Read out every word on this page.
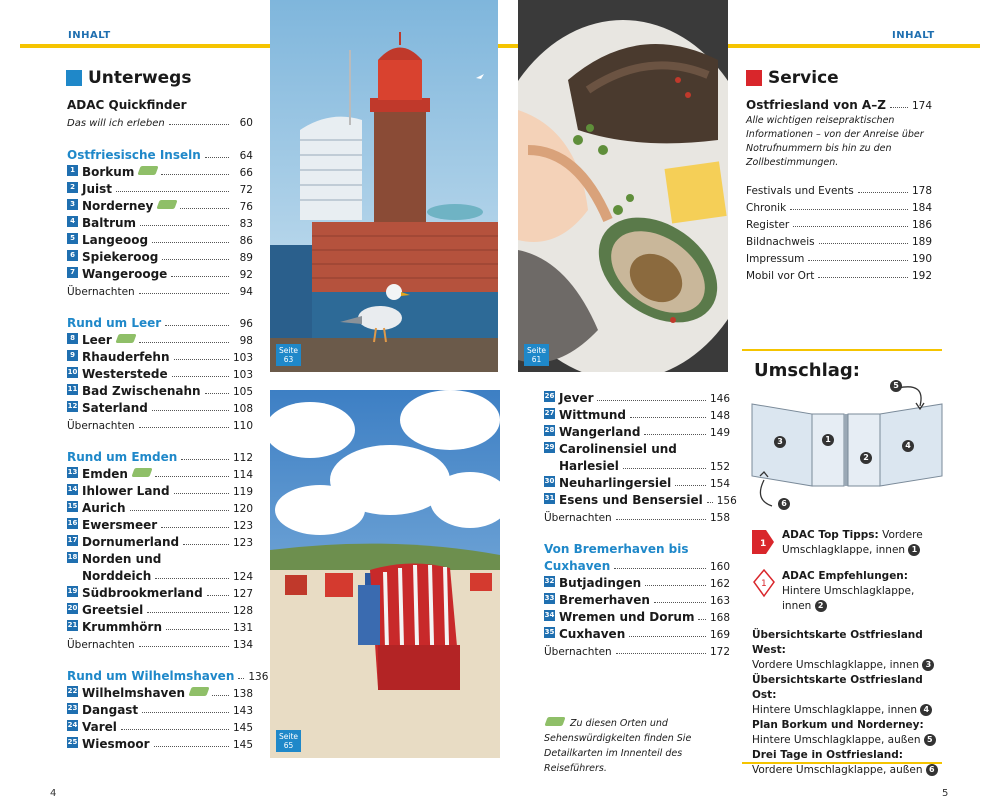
INHALT	INHALT
Seite
63
Seite
61
Seite
65
Unterwegs
ADAC Quickfinder
Das will ich erleben	60
Ostfriesische Inseln	64
1 Borkum	66
2 Juist	72
3 Norderney	76
4 Baltrum	83
5 Langeoog	86
6 Spiekeroog	89
7 Wangerooge	92
Übernachten	94
Rund um Leer	96
8 Leer	98
9 Rhauderfehn	103
10 Westerstede	103
11 Bad Zwischenahn	105
12 Saterland	108
Übernachten	110
Rund um Emden	112
13 Emden	114
14 Ihlower Land	119
15 Aurich	120
16 Ewersmeer	123
17 Dornumerland	123
18 Norden und
Norddeich	124
19 Südbrookmerland	127
20 Greetsiel	128
21 Krummhörn	131
Übernachten	134
Rund um Wilhelmshaven 136
22 Wilhelmshaven	138
23 Dangast	143
24 Varel	145
25 Wiesmoor	145
26 Jever	146
27 Wittmund	148
28 Wangerland	149
29 Carolinensiel und
Harlesiel	152
30 Neuharlingersiel	154
31 Esens und Bensersiel 156
Übernachten	158
Von Bremerhaven bis
Cuxhaven	160
32 Butjadingen	162
33 Bremerhaven	163
34 Wremen und Dorum 168
35 Cuxhaven	169
Übernachten	172
Zu diesen Orten und Sehenswürdigkeiten finden Sie Detailkarten im Innenteil des Reiseführers.
Service
Ostfriesland von A–Z 174
Alle wichtigen reisepraktischen Informationen – von der Anreise über Notrufnummern bis hin zu den Zollbestimmungen.
Festivals und Events	178
Chronik	184
Register	186
Bildnachweis	189
Impressum	190
Mobil vor Ort	192
Umschlag:
5
3	1
2
4
6
1
ADAC Top Tipps: Vordere Umschlagklappe, innen 1
1
ADAC Empfehlungen: Hintere Umschlagklappe, innen 2
Übersichtskarte Ostfriesland West:
Vordere Umschlagklappe, innen 3
Übersichtskarte Ostfriesland Ost:
Hintere Umschlagklappe, innen 4
Plan Borkum und Norderney:
Hintere Umschlagklappe, außen 5
Drei Tage in Ostfriesland: Vordere Umschlagklappe, außen 6
4	5
